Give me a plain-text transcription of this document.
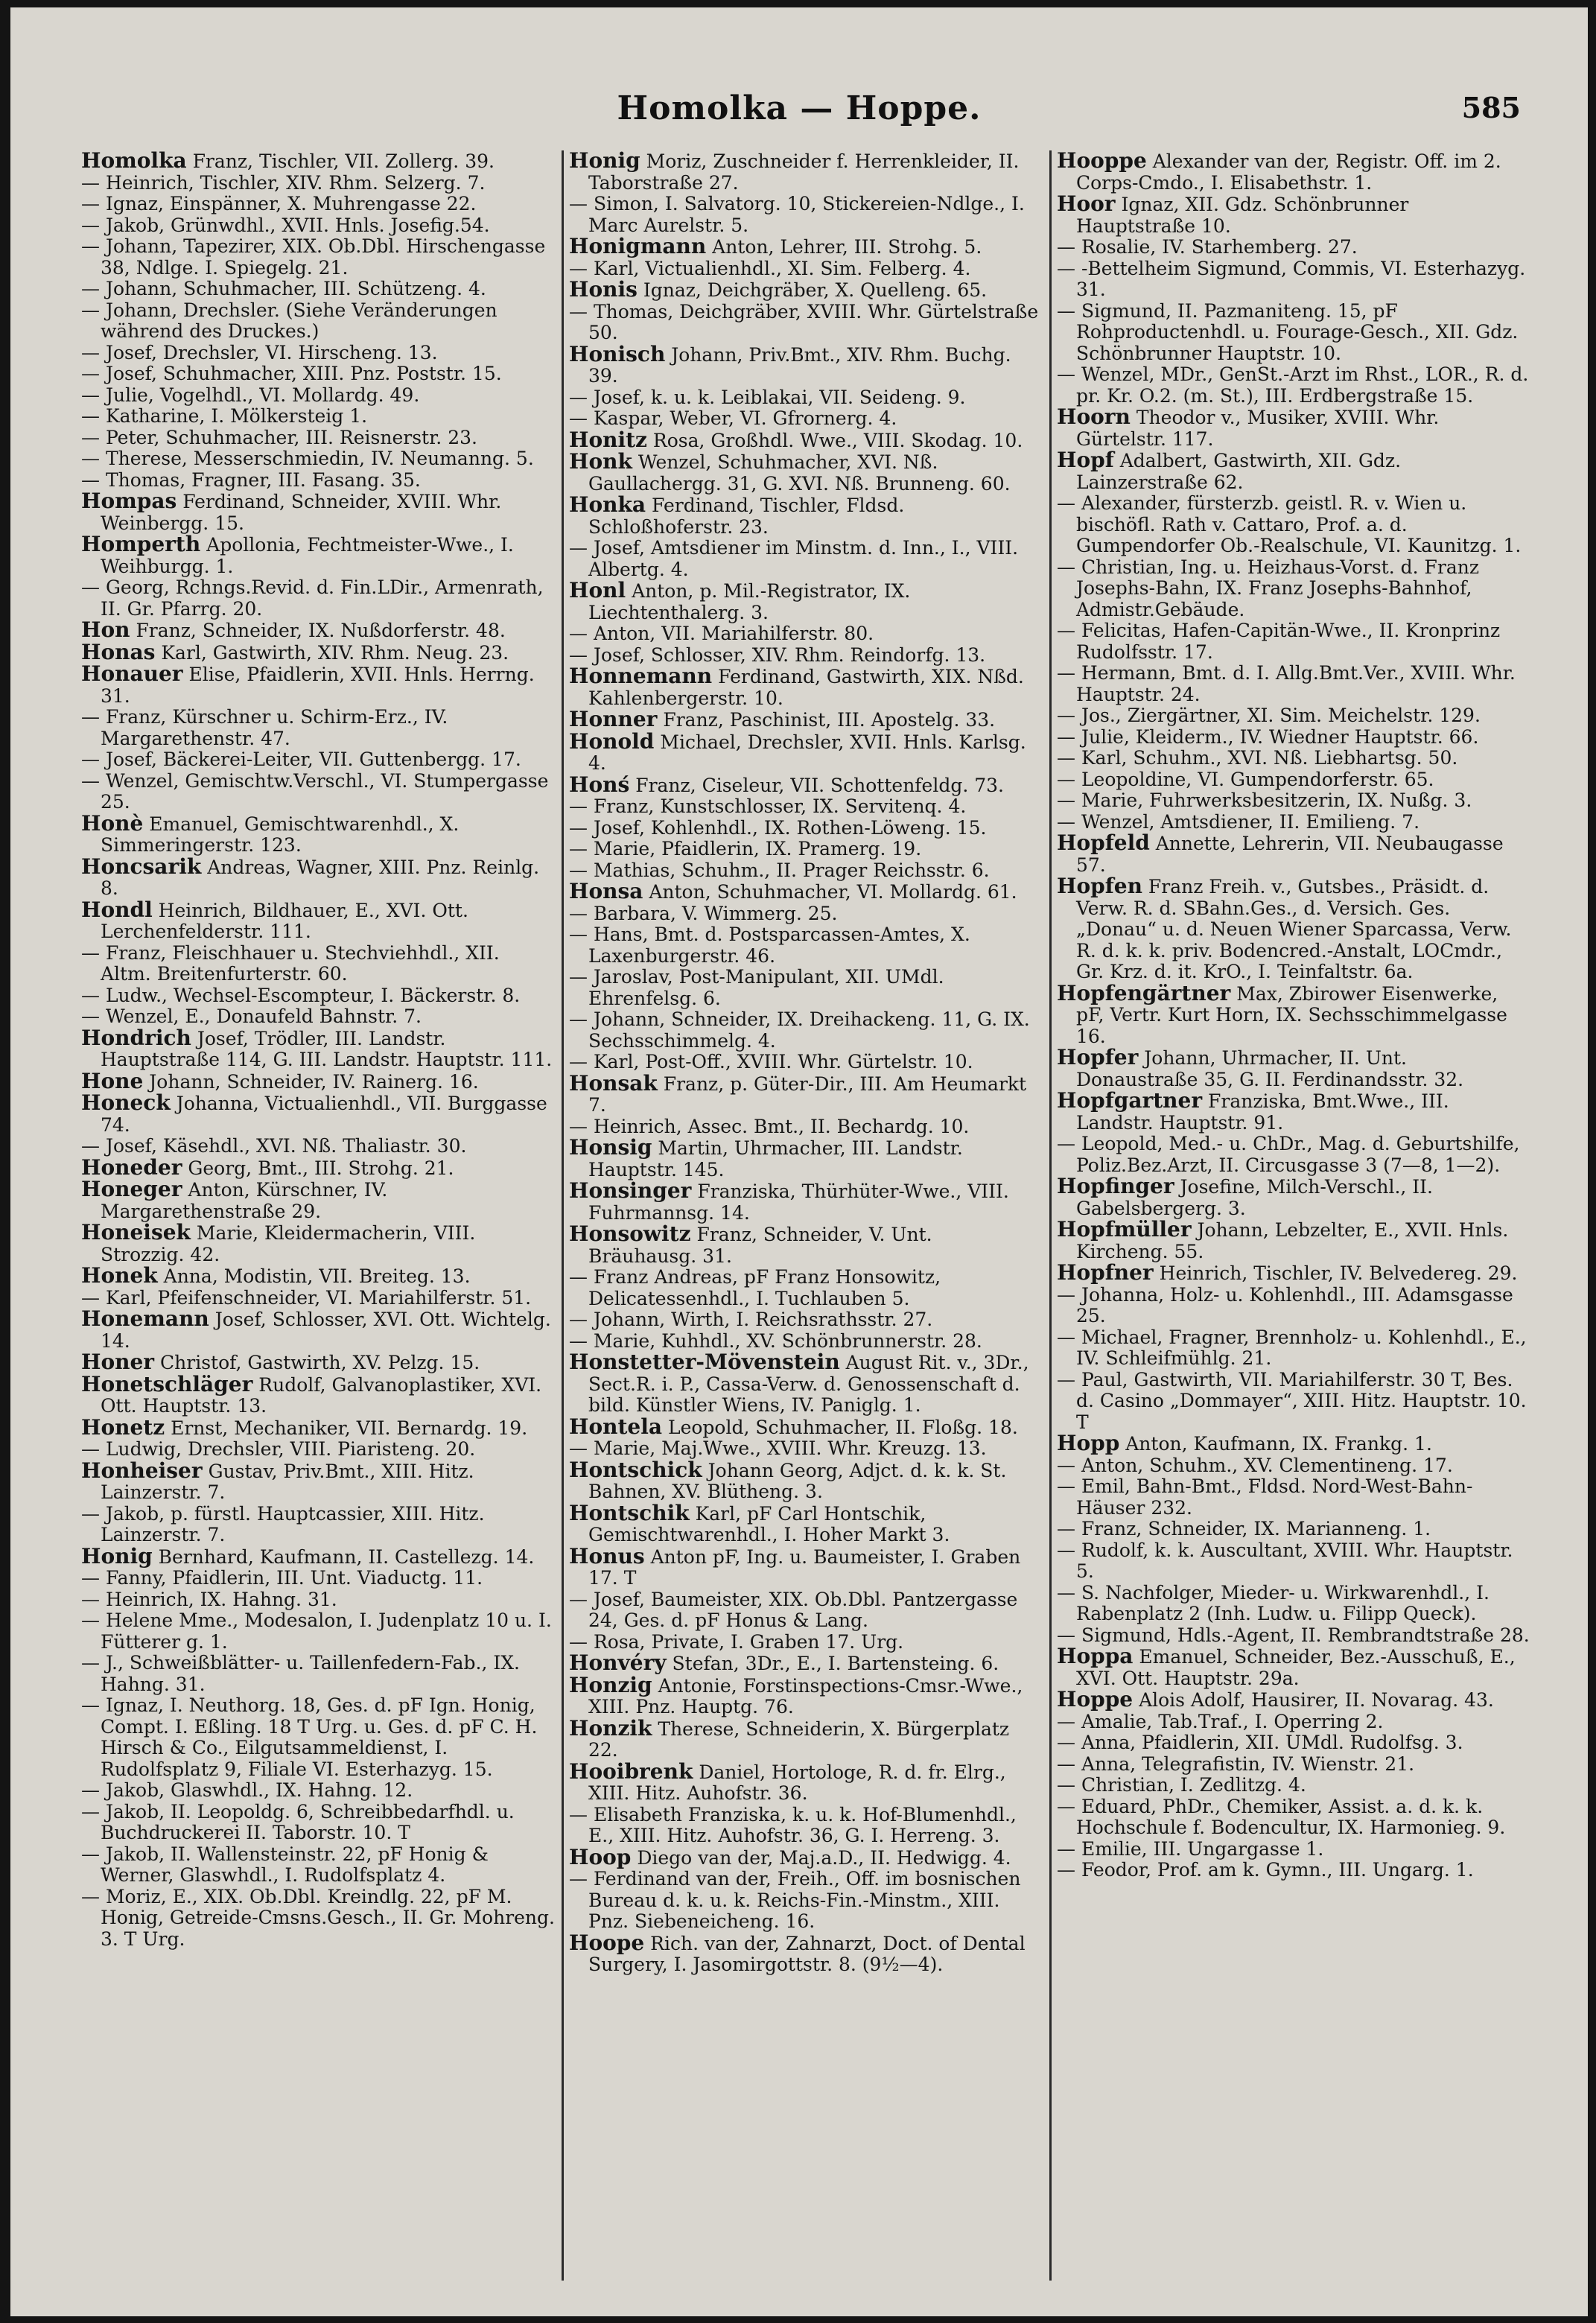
Homolka — Hoppe.	585

Homolka Franz, Tischler, VII. Zollerg. 39.

— Heinrich, Tischler, XIV. Rhm. Selzerg. 7.

— Ignaz, Einspänner, X. Muhrengasse 22.

— Jakob, Grünwdhl., XVII. Hnls. Josefig.54.

— Johann, Tapezirer, XIX. Ob.Dbl. Hirschengasse 38, Ndlge. I. Spiegelg. 21.

— Johann, Schuhmacher, III. Schützeng. 4.

— Johann, Drechsler. (Siehe Veränderungen während des Druckes.)

— Josef, Drechsler, VI. Hirscheng. 13.

— Josef, Schuhmacher, XIII. Pnz. Poststr. 15.

— Julie, Vogelhdl., VI. Mollardg. 49.

— Katharine, I. Mölkersteig 1.

— Peter, Schuhmacher, III. Reisnerstr. 23.

— Therese, Messerschmiedin, IV. Neumanng. 5.

— Thomas, Fragner, III. Fasang. 35.

Hompas Ferdinand, Schneider, XVIII. Whr. Weinbergg. 15.

Homperth Apollonia, Fechtmeister-Wwe., I. Weihburgg. 1.

— Georg, Rchngs.Revid. d. Fin.LDir., Armenrath, II. Gr. Pfarrg. 20.

Hon Franz, Schneider, IX. Nußdorferstr. 48.

Honas Karl, Gastwirth, XIV. Rhm. Neug. 23.

Honauer Elise, Pfaidlerin, XVII. Hnls. Herrng. 31.

— Franz, Kürschner u. Schirm-Erz., IV. Margarethenstr. 47.

— Josef, Bäckerei-Leiter, VII. Guttenbergg. 17.

— Wenzel, Gemischtw.Verschl., VI. Stumpergasse 25.

Honè Emanuel, Gemischtwarenhdl., X. Simmeringerstr. 123.

Honcsarik Andreas, Wagner, XIII. Pnz. Reinlg. 8.

Hondl Heinrich, Bildhauer, E., XVI. Ott. Lerchenfelderstr. 111.

— Franz, Fleischhauer u. Stechviehhdl., XII. Altm. Breitenfurterstr. 60.

— Ludw., Wechsel-Escompteur, I. Bäckerstr. 8.

— Wenzel, E., Donaufeld Bahnstr. 7.

Hondrich Josef, Trödler, III. Landstr. Hauptstraße 114, G. III. Landstr. Hauptstr. 111.

Hone Johann, Schneider, IV. Rainerg. 16.

Honeck Johanna, Victualienhdl., VII. Burggasse 74.

— Josef, Käsehdl., XVI. Nß. Thaliastr. 30.

Honeder Georg, Bmt., III. Strohg. 21.

Honeger Anton, Kürschner, IV. Margarethenstraße 29.

Honeisek Marie, Kleidermacherin, VIII. Strozzig. 42.

Honek Anna, Modistin, VII. Breiteg. 13.

— Karl, Pfeifenschneider, VI. Mariahilferstr. 51.

Honemann Josef, Schlosser, XVI. Ott. Wichtelg. 14.

Honer Christof, Gastwirth, XV. Pelzg. 15.

Honetschläger Rudolf, Galvanoplastiker, XVI. Ott. Hauptstr. 13.

Honetz Ernst, Mechaniker, VII. Bernardg. 19.

— Ludwig, Drechsler, VIII. Piaristeng. 20.

Honheiser Gustav, Priv.Bmt., XIII. Hitz. Lainzerstr. 7.

— Jakob, p. fürstl. Hauptcassier, XIII. Hitz. Lainzerstr. 7.

Honig Bernhard, Kaufmann, II. Castellezg. 14.

— Fanny, Pfaidlerin, III. Unt. Viaductg. 11.

— Heinrich, IX. Hahng. 31.

— Helene Mme., Modesalon, I. Judenplatz 10 u. I. Fütterer g. 1.

— J., Schweißblätter- u. Taillenfedern-Fab., IX. Hahng. 31.

— Ignaz, I. Neuthorg. 18, Ges. d. pF Ign. Honig, Compt. I. Eßling. 18 T Urg. u. Ges. d. pF C. H. Hirsch & Co., Eilgutsammeldienst, I. Rudolfsplatz 9, Filiale VI. Esterhazyg. 15.

— Jakob, Glaswhdl., IX. Hahng. 12.

— Jakob, II. Leopoldg. 6, Schreibbedarfhdl. u. Buchdruckerei II. Taborstr. 10. T

— Jakob, II. Wallensteinstr. 22, pF Honig & Werner, Glaswhdl., I. Rudolfsplatz 4.

— Moriz, E., XIX. Ob.Dbl. Kreindlg. 22, pF M. Honig, Getreide-Cmsns.Gesch., II. Gr. Mohreng. 3. T Urg.

Honig Moriz, Zuschneider f. Herrenkleider, II. Taborstraße 27.

— Simon, I. Salvatorg. 10, Stickereien-Ndlge., I. Marc Aurelstr. 5.

Honigmann Anton, Lehrer, III. Strohg. 5.

— Karl, Victualienhdl., XI. Sim. Felberg. 4.

Honis Ignaz, Deichgräber, X. Quelleng. 65.

— Thomas, Deichgräber, XVIII. Whr. Gürtelstraße 50.

Honisch Johann, Priv.Bmt., XIV. Rhm. Buchg. 39.

— Josef, k. u. k. Leiblakai, VII. Seideng. 9.

— Kaspar, Weber, VI. Gfrornerg. 4.

Honitz Rosa, Großhdl. Wwe., VIII. Skodag. 10.

Honk Wenzel, Schuhmacher, XVI. Nß. Gaullachergg. 31, G. XVI. Nß. Brunneng. 60.

Honka Ferdinand, Tischler, Fldsd. Schloßhoferstr. 23.

— Josef, Amtsdiener im Minstm. d. Inn., I., VIII. Albertg. 4.

Honl Anton, p. Mil.-Registrator, IX. Liechtenthalerg. 3.

— Anton, VII. Mariahilferstr. 80.

— Josef, Schlosser, XIV. Rhm. Reindorfg. 13.

Honnemann Ferdinand, Gastwirth, XIX. Nßd. Kahlenbergerstr. 10.

Honner Franz, Paschinist, III. Apostelg. 33.

Honold Michael, Drechsler, XVII. Hnls. Karlsg. 4.

Honś Franz, Ciseleur, VII. Schottenfeldg. 73.

— Franz, Kunstschlosser, IX. Servitenq. 4.

— Josef, Kohlenhdl., IX. Rothen-Löweng. 15.

— Marie, Pfaidlerin, IX. Pramerg. 19.

— Mathias, Schuhm., II. Prager Reichsstr. 6.

Honsa Anton, Schuhmacher, VI. Mollardg. 61.

— Barbara, V. Wimmerg. 25.

— Hans, Bmt. d. Postsparcassen-Amtes, X. Laxenburgerstr. 46.

— Jaroslav, Post-Manipulant, XII. UMdl. Ehrenfelsg. 6.

— Johann, Schneider, IX. Dreihackeng. 11, G. IX. Sechsschimmelg. 4.

— Karl, Post-Off., XVIII. Whr. Gürtelstr. 10.

Honsak Franz, p. Güter-Dir., III. Am Heumarkt 7.

— Heinrich, Assec. Bmt., II. Bechardg. 10.

Honsig Martin, Uhrmacher, III. Landstr. Hauptstr. 145.

Honsinger Franziska, Thürhüter-Wwe., VIII. Fuhrmannsg. 14.

Honsowitz Franz, Schneider, V. Unt. Bräuhausg. 31.

— Franz Andreas, pF Franz Honsowitz, Delicatessenhdl., I. Tuchlauben 5.

— Johann, Wirth, I. Reichsrathsstr. 27.

— Marie, Kuhhdl., XV. Schönbrunnerstr. 28.

Honstetter-Mövenstein August Rit. v., 3Dr., Sect.R. i. P., Cassa-Verw. d. Genossenschaft d. bild. Künstler Wiens, IV. Paniglg. 1.

Hontela Leopold, Schuhmacher, II. Floßg. 18.

— Marie, Maj.Wwe., XVIII. Whr. Kreuzg. 13.

Hontschick Johann Georg, Adjct. d. k. k. St. Bahnen, XV. Blütheng. 3.

Hontschik Karl, pF Carl Hontschik, Gemischtwarenhdl., I. Hoher Markt 3.

Honus Anton pF, Ing. u. Baumeister, I. Graben 17. T

— Josef, Baumeister, XIX. Ob.Dbl. Pantzergasse 24, Ges. d. pF Honus & Lang.

— Rosa, Private, I. Graben 17. Urg.

Honvéry Stefan, 3Dr., E., I. Bartensteing. 6.

Honzig Antonie, Forstinspections-Cmsr.-Wwe., XIII. Pnz. Hauptg. 76.

Honzik Therese, Schneiderin, X. Bürgerplatz 22.

Hooibrenk Daniel, Hortologe, R. d. fr. Elrg., XIII. Hitz. Auhofstr. 36.

— Elisabeth Franziska, k. u. k. Hof-Blumenhdl., E., XIII. Hitz. Auhofstr. 36, G. I. Herreng. 3.

Hoop Diego van der, Maj.a.D., II. Hedwigg. 4.

— Ferdinand van der, Freih., Off. im bosnischen Bureau d. k. u. k. Reichs-Fin.-Minstm., XIII. Pnz. Siebeneicheng. 16.

Hoope Rich. van der, Zahnarzt, Doct. of Dental Surgery, I. Jasomirgottstr. 8. (9½—4).

Hooppe Alexander van der, Registr. Off. im 2. Corps-Cmdo., I. Elisabethstr. 1.

Hoor Ignaz, XII. Gdz. Schönbrunner Hauptstraße 10.

— Rosalie, IV. Starhemberg. 27.

— -Bettelheim Sigmund, Commis, VI. Esterhazyg. 31.

— Sigmund, II. Pazmaniteng. 15, pF Rohproductenhdl. u. Fourage-Gesch., XII. Gdz. Schönbrunner Hauptstr. 10.

— Wenzel, MDr., GenSt.-Arzt im Rhst., LOR., R. d. pr. Kr. O.2. (m. St.), III. Erdbergstraße 15.

Hoorn Theodor v., Musiker, XVIII. Whr. Gürtelstr. 117.

Hopf Adalbert, Gastwirth, XII. Gdz. Lainzerstraße 62.

— Alexander, fürsterzb. geistl. R. v. Wien u. bischöfl. Rath v. Cattaro, Prof. a. d. Gumpendorfer Ob.-Realschule, VI. Kaunitzg. 1.

— Christian, Ing. u. Heizhaus-Vorst. d. Franz Josephs-Bahn, IX. Franz Josephs-Bahnhof, Admistr.Gebäude.

— Felicitas, Hafen-Capitän-Wwe., II. Kronprinz Rudolfsstr. 17.

— Hermann, Bmt. d. I. Allg.Bmt.Ver., XVIII. Whr. Hauptstr. 24.

— Jos., Ziergärtner, XI. Sim. Meichelstr. 129.

— Julie, Kleiderm., IV. Wiedner Hauptstr. 66.

— Karl, Schuhm., XVI. Nß. Liebhartsg. 50.

— Leopoldine, VI. Gumpendorferstr. 65.

— Marie, Fuhrwerksbesitzerin, IX. Nußg. 3.

— Wenzel, Amtsdiener, II. Emilieng. 7.

Hopfeld Annette, Lehrerin, VII. Neubaugasse 57.

Hopfen Franz Freih. v., Gutsbes., Präsidt. d. Verw. R. d. SBahn.Ges., d. Versich. Ges. „Donau“ u. d. Neuen Wiener Sparcassa, Verw. R. d. k. k. priv. Bodencred.-Anstalt, LOCmdr., Gr. Krz. d. it. KrO., I. Teinfaltstr. 6a.

Hopfengärtner Max, Zbirower Eisenwerke, pF, Vertr. Kurt Horn, IX. Sechsschimmelgasse 16.

Hopfer Johann, Uhrmacher, II. Unt. Donaustraße 35, G. II. Ferdinandsstr. 32.

Hopfgartner Franziska, Bmt.Wwe., III. Landstr. Hauptstr. 91.

— Leopold, Med.- u. ChDr., Mag. d. Geburtshilfe, Poliz.Bez.Arzt, II. Circusgasse 3 (7—8, 1—2).

Hopfinger Josefine, Milch-Verschl., II. Gabelsbergerg. 3.

Hopfmüller Johann, Lebzelter, E., XVII. Hnls. Kircheng. 55.

Hopfner Heinrich, Tischler, IV. Belvedereg. 29.

— Johanna, Holz- u. Kohlenhdl., III. Adamsgasse 25.

— Michael, Fragner, Brennholz- u. Kohlenhdl., E., IV. Schleifmühlg. 21.

— Paul, Gastwirth, VII. Mariahilferstr. 30 T, Bes. d. Casino „Dommayer“, XIII. Hitz. Hauptstr. 10. T

Hopp Anton, Kaufmann, IX. Frankg. 1.

— Anton, Schuhm., XV. Clementineng. 17.

— Emil, Bahn-Bmt., Fldsd. Nord-West-Bahn-Häuser 232.

— Franz, Schneider, IX. Marianneng. 1.

— Rudolf, k. k. Auscultant, XVIII. Whr. Hauptstr. 5.

— S. Nachfolger, Mieder- u. Wirkwarenhdl., I. Rabenplatz 2 (Inh. Ludw. u. Filipp Queck).

— Sigmund, Hdls.-Agent, II. Rembrandtstraße 28.

Hoppa Emanuel, Schneider, Bez.-Ausschuß, E., XVI. Ott. Hauptstr. 29a.

Hoppe Alois Adolf, Hausirer, II. Novarag. 43.

— Amalie, Tab.Traf., I. Operring 2.

— Anna, Pfaidlerin, XII. UMdl. Rudolfsg. 3.

— Anna, Telegrafistin, IV. Wienstr. 21.

— Christian, I. Zedlitzg. 4.

— Eduard, PhDr., Chemiker, Assist. a. d. k. k. Hochschule f. Bodencultur, IX. Harmonieg. 9.

— Emilie, III. Ungargasse 1.

— Feodor, Prof. am k. Gymn., III. Ungarg. 1.
